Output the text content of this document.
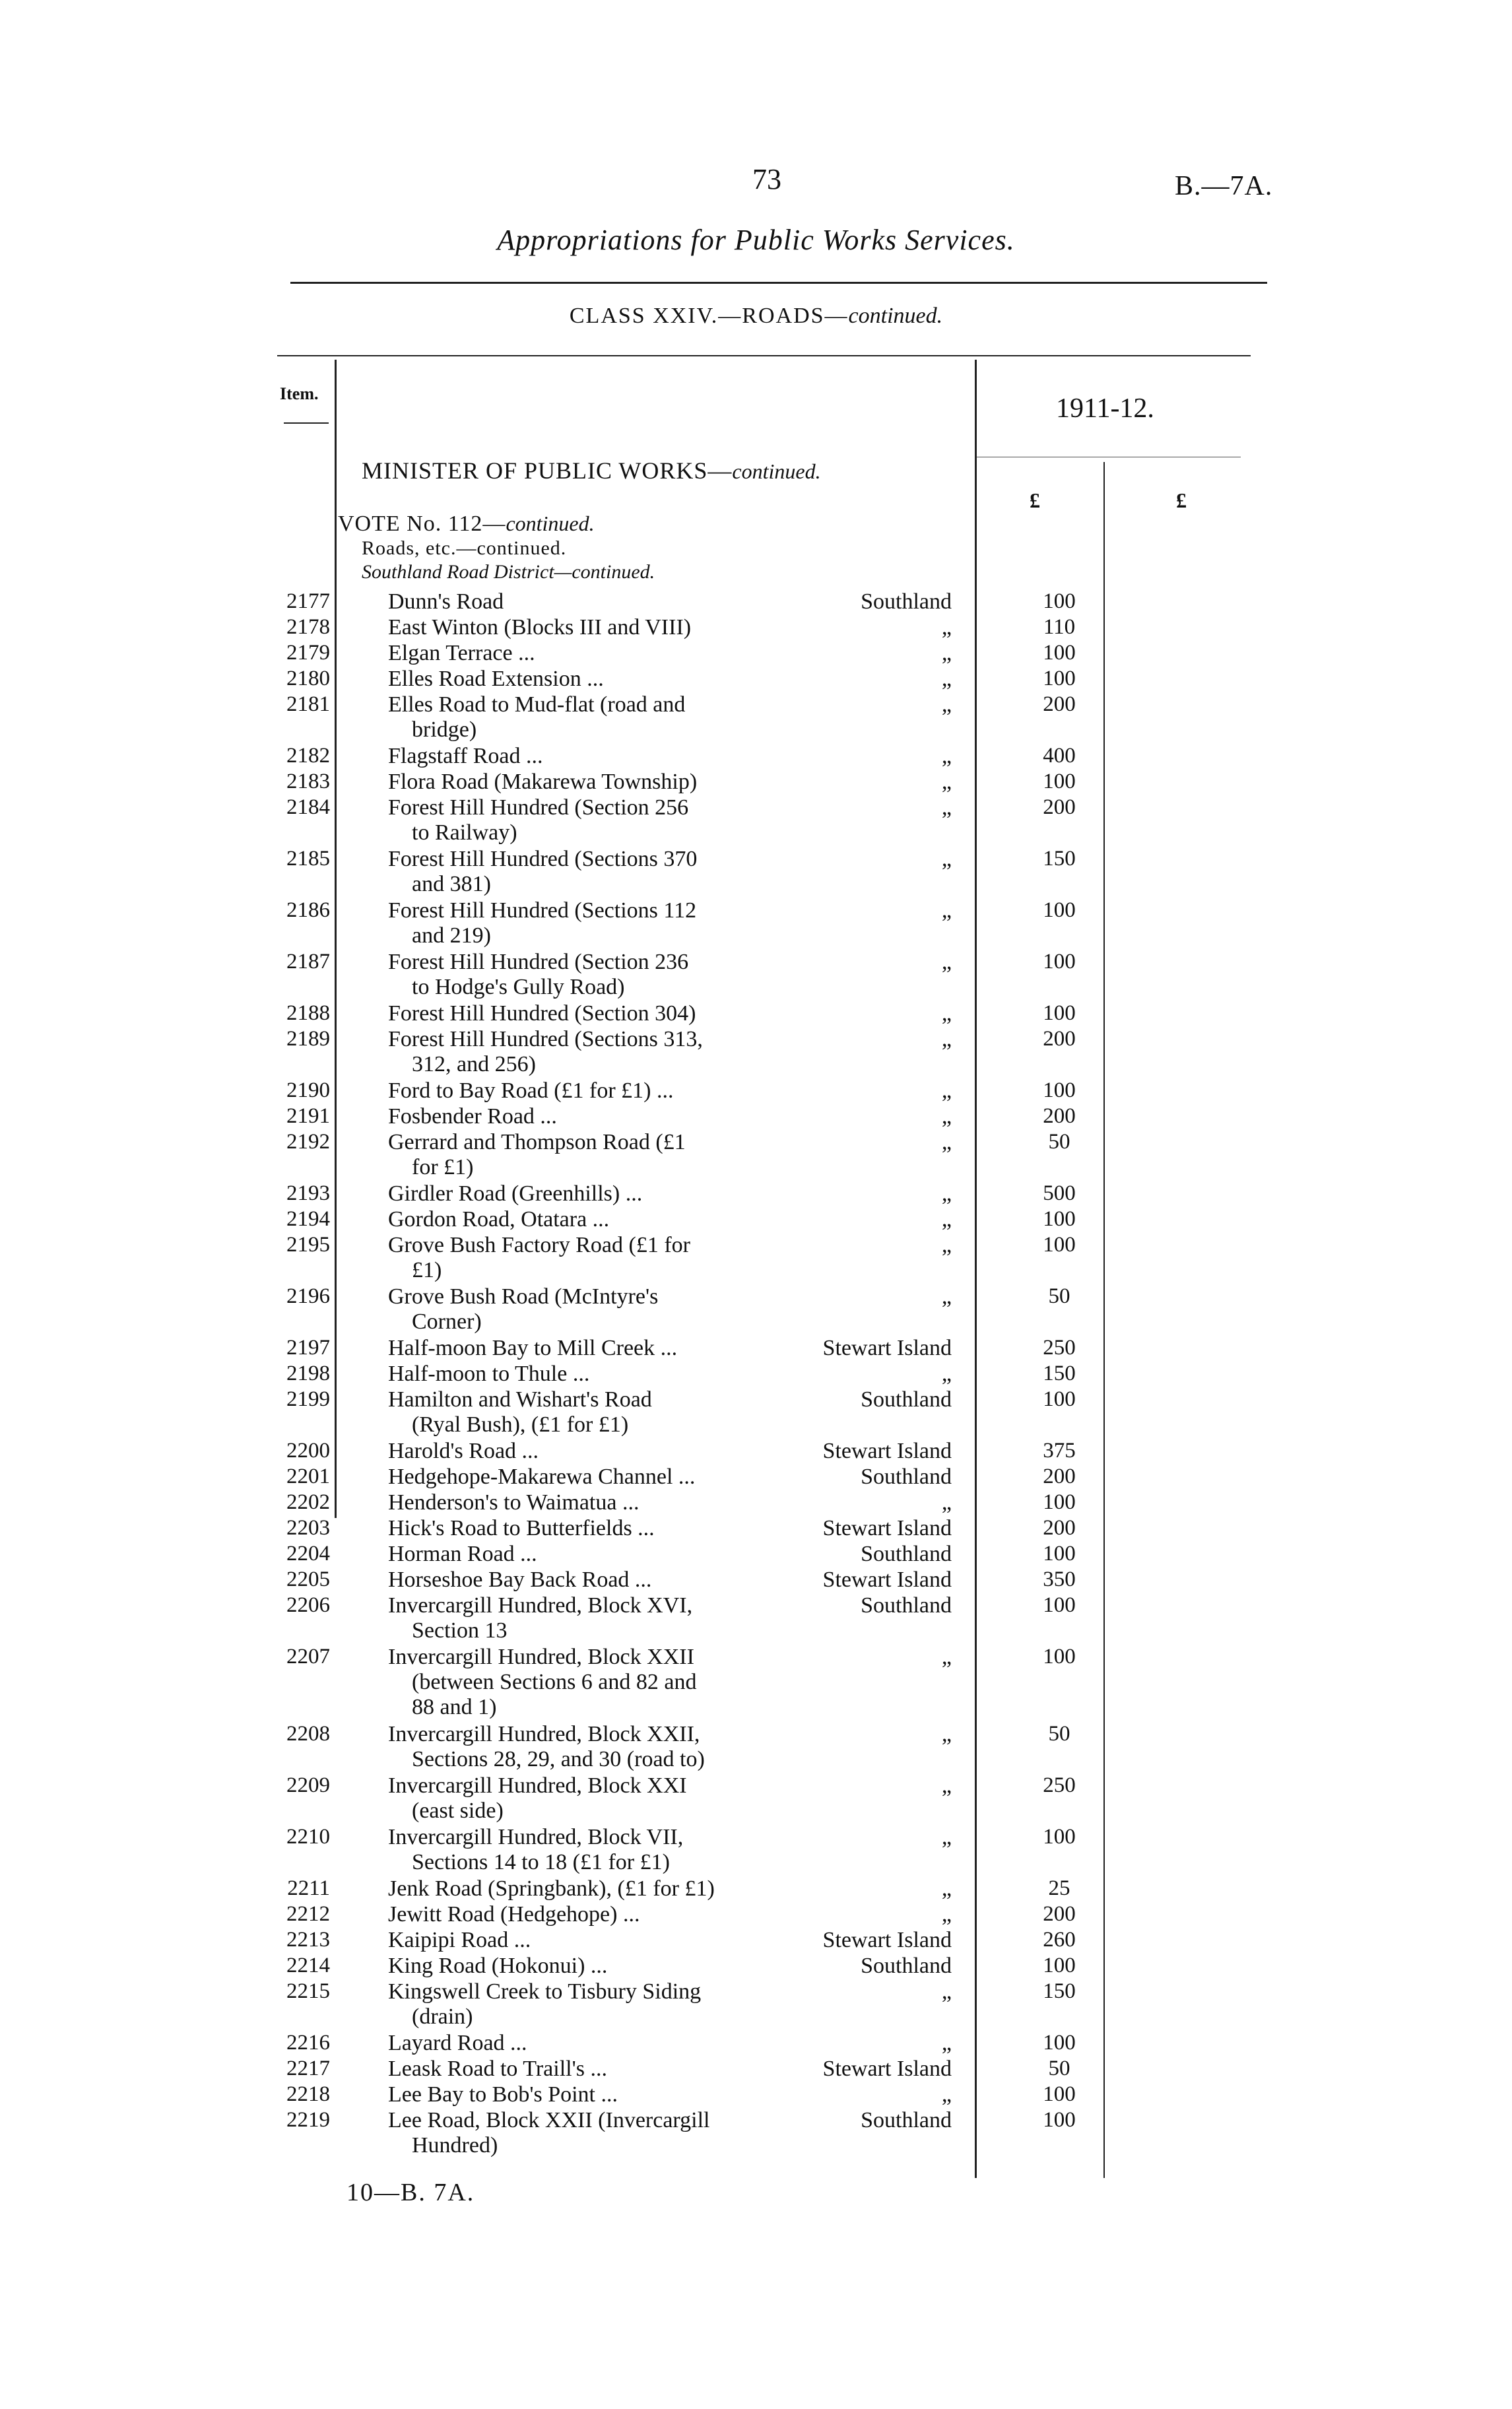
73	B.—7A.
Appropriations for Public Works Services.
CLASS XXIV.—ROADS—continued.
Item.	1911-12.
£	£
MINISTER OF PUBLIC WORKS—continued.
VOTE No. 112—continued.
Roads, etc.—continued.
Southland Road District—continued.
2177	Dunn's Road	Southland	100
2178	East Winton (Blocks III and VIII)	„	110
2179	Elgan Terrace ...	„	100
2180	Elles Road Extension ...	„	100
2181	Elles Road to Mud-flat (road and
bridge)
„	200
2182	Flagstaff Road ...	„	400
2183	Flora Road (Makarewa Township)	„	100
2184	Forest Hill Hundred (Section 256
to Railway)
„	200
2185	Forest Hill Hundred (Sections 370
and 381)
„	150
2186	Forest Hill Hundred (Sections 112
and 219)
„	100
2187	Forest Hill Hundred (Section 236
to Hodge's Gully Road)
„	100
2188	Forest Hill Hundred (Section 304)	„	100
2189	Forest Hill Hundred (Sections 313,
312, and 256)
„	200
2190	Ford to Bay Road (£1 for £1) ...	„	100
2191	Fosbender Road ...	„	200
2192	Gerrard and Thompson Road (£1
for £1)
„	50
2193	Girdler Road (Greenhills) ...	„	500
2194	Gordon Road, Otatara ...	„	100
2195	Grove Bush Factory Road (£1 for
£1)
„	100
2196	Grove Bush Road (McIntyre's
Corner)
„	50
2197	Half-moon Bay to Mill Creek ...	Stewart Island	250
2198	Half-moon to Thule ...	„	150
2199	Hamilton and Wishart's Road
(Ryal Bush), (£1 for £1)
Southland	100
2200	Harold's Road ...	Stewart Island	375
2201	Hedgehope-Makarewa Channel ...	Southland	200
2202	Henderson's to Waimatua ...	„	100
2203	Hick's Road to Butterfields ...	Stewart Island	200
2204	Horman Road ...	Southland	100
2205	Horseshoe Bay Back Road ...	Stewart Island	350
2206	Invercargill Hundred, Block XVI,
Section 13
Southland	100
2207	Invercargill Hundred, Block XXII
(between Sections 6 and 82 and
88 and 1)
„	100
2208	Invercargill Hundred, Block XXII,
Sections 28, 29, and 30 (road to)
„	50
2209	Invercargill Hundred, Block XXI
(east side)
„	250
2210	Invercargill Hundred, Block VII,
Sections 14 to 18 (£1 for £1)
„	100
2211	Jenk Road (Springbank), (£1 for £1)	„	25
2212	Jewitt Road (Hedgehope) ...	„	200
2213	Kaipipi Road ...	Stewart Island	260
2214	King Road (Hokonui) ...	Southland	100
2215	Kingswell Creek to Tisbury Siding
(drain)
„	150
2216	Layard Road ...	„	100
2217	Leask Road to Traill's ...	Stewart Island	50
2218	Lee Bay to Bob's Point ...	„	100
2219	Lee Road, Block XXII (Invercargill
Hundred)
Southland	100
10—B. 7A.
